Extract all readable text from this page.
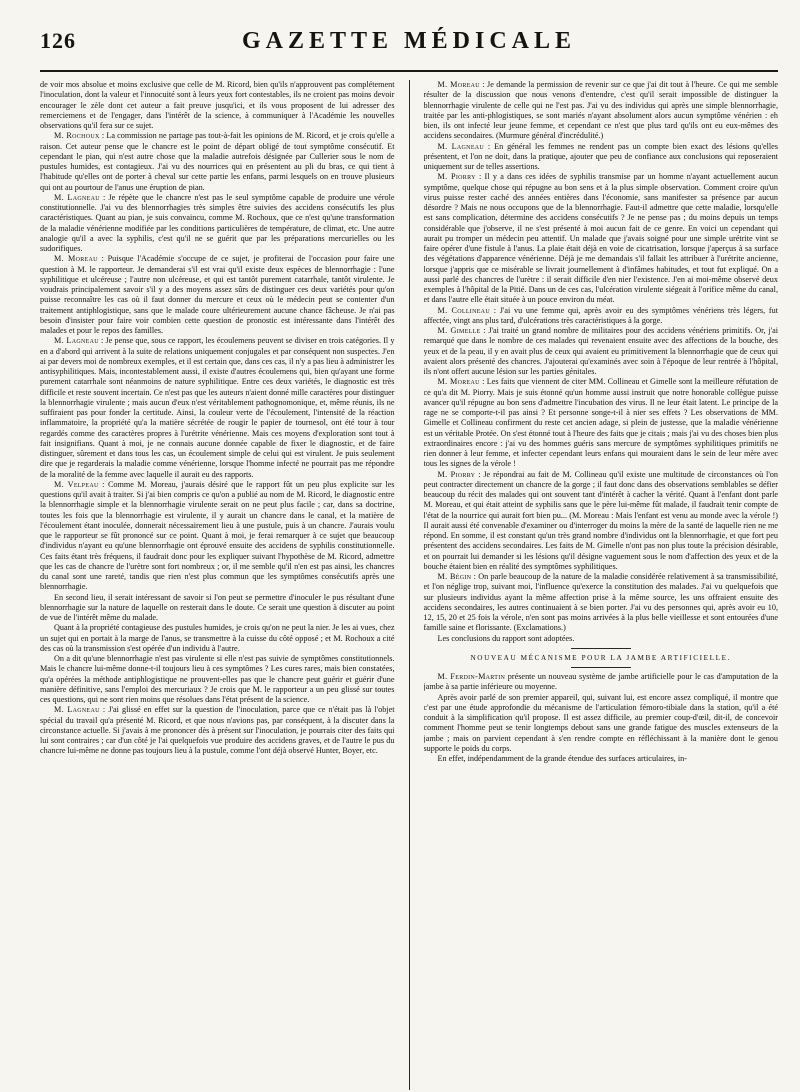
126	GAZETTE MÉDICALE

de voir mos absolue et moins exclusive que celle de M. Ricord, bien qu'ils n'approuvent pas complétement l'inoculation, dont la valeur et l'innocuité sont à leurs yeux fort contestables, ils ne croient pas moins devoir encourager le zèle dont cet auteur a fait preuve jusqu'ici, et ils vous proposent de lui adresser des remerciemens et de l'engager, dans l'intérêt de la science, à communiquer à l'Académie les nouvelles observations qu'il fera sur ce sujet.

M. Rochoux : La commission ne partage pas tout-à-fait les opinions de M. Ricord, et je crois qu'elle a raison. Cet auteur pense que le chancre est le point de départ obligé de tout symptôme consécutif. Et cependant le pian, qui n'est autre chose que la maladie autrefois désignée par Cullerier sous le nom de pustules humides, est contagieux. J'ai vu des nourrices qui en présentent au pli du bras, ce qui tient à l'habitude qu'elles ont de porter à cheval sur cette partie les enfans, parmi lesquels on en trouve plusieurs qui ont au pourtour de l'anus une éruption de pian.

M. Lagneau : Je répète que le chancre n'est pas le seul symptôme capable de produire une vérole constitutionnelle. J'ai vu des blennorrhagies très simples être suivies des accidens consécutifs les plus caractéristiques. Quant au pian, je suis convaincu, comme M. Rochoux, que ce n'est qu'une transformation de la maladie vénérienne modifiée par les conditions particulières de température, de climat, etc. Une autre analogie qu'il a avec la syphilis, c'est qu'il ne se guérit que par les préparations mercurielles ou les sudorifiques.

M. Moreau : Puisque l'Académie s'occupe de ce sujet, je profiterai de l'occasion pour faire une question à M. le rapporteur. Je demanderai s'il est vrai qu'il existe deux espèces de blennorrhagie : l'une syphilitique et ulcéreuse ; l'autre non ulcéreuse, et qui est tantôt purement catarrhale, tantôt virulente. Je voudrais principalement savoir s'il y a des moyens assez sûrs de distinguer ces deux variétés pour qu'on puisse reconnaître les cas où il faut donner du mercure et ceux où le médecin peut se contenter d'un traitement antiphlogistique, sans que le malade coure ultérieurement aucune chance fâcheuse. Je n'ai pas besoin d'insister pour faire voir combien cette question de pronostic est intéressante dans l'intérêt des malades et pour le repos des familles.

M. Lagneau : Je pense que, sous ce rapport, les écoulemens peuvent se diviser en trois catégories. Il y en a d'abord qui arrivent à la suite de relations uniquement conjugales et par conséquent non suspectes. J'en ai par devers moi de nombreux exemples, et il est certain que, dans ces cas, il n'y a pas lieu à administrer les antisyphilitiques. Mais, incontestablement aussi, il existe d'autres écoulemens qui, bien qu'ayant une forme purement catarrhale sont néanmoins de nature syphilitique. Entre ces deux variétés, le diagnostic est très difficile et reste souvent incertain. Ce n'est pas que les auteurs n'aient donné mille caractères pour distinguer la blennorrhagie virulente ; mais aucun d'eux n'est véritablement pathognomonique, et, même réunis, ils ne suffiraient pas pour fonder la certitude. Ainsi, la couleur verte de l'écoulement, l'intensité de la réaction inflammatoire, la propriété qu'a la matière sécrétée de rougir le papier de tournesol, ont été tour à tour regardés comme des caractères propres à l'urétrite vénérienne. Mais ces moyens d'exploration sont tout à fait insignifians. Quant à moi, je ne connais aucune donnée capable de fixer le diagnostic, et de faire distinguer, sûrement et dans tous les cas, un écoulement simple de celui qui est virulent. Je puis seulement dire que je regarderais la maladie comme vénérienne, lorsque l'homme infecté ne pourrait pas me répondre de la moralité de la femme avec laquelle il aurait eu des rapports.

M. Velpeau : Comme M. Moreau, j'aurais désiré que le rapport fût un peu plus explicite sur les questions qu'il avait à traiter. Si j'ai bien compris ce qu'on a publié au nom de M. Ricord, le diagnostic entre la blennorrhagie simple et la blennorrhagie virulente serait on ne peut plus facile ; car, dans sa doctrine, toutes les fois que la blennorrhagie est virulente, il y aurait un chancre dans le canal, et la matière de l'écoulement étant inoculée, donnerait nécessairement lieu à une pustule, puis à un chancre. J'aurais voulu que le rapporteur se fût prononcé sur ce point. Quant à moi, je ferai remarquer à ce sujet que beaucoup d'individus n'ayant eu qu'une blennorrhagie ont éprouvé ensuite des accidens de syphilis constitutionnelle. Ces faits étant très fréquens, il faudrait donc pour les expliquer suivant l'hypothèse de M. Ricord, admettre que les cas de chancre de l'urètre sont fort nombreux ; or, il me semble qu'il n'en est pas ainsi, les chancres du canal sont une rareté, tandis que rien n'est plus commun que les symptômes consécutifs après une blennorrhagie.

En second lieu, il serait intéressant de savoir si l'on peut se permettre d'inoculer le pus résultant d'une blennorrhagie sur la nature de laquelle on resterait dans le doute. Ce serait une question à discuter au point de vue de l'intérêt même du malade.

Quant à la propriété contagieuse des pustules humides, je crois qu'on ne peut la nier. Je les ai vues, chez un sujet qui en portait à la marge de l'anus, se transmettre à la cuisse du côté opposé ; et M. Rochoux a cité des cas où la transmission s'est opérée d'un individu à l'autre.

On a dit qu'une blennorrhagie n'est pas virulente si elle n'est pas suivie de symptômes constitutionnels. Mais le chancre lui-même donne-t-il toujours lieu à ces symptômes ? Les cures rares, mais bien constatées, qu'a opérées la méthode antiphlogistique ne prouvent-elles pas que le chancre peut guérir et guérir d'une manière définitive, sans l'emploi des mercuriaux ? Je crois que M. le rapporteur a un peu glissé sur toutes ces questions, qui ne sont rien moins que résolues dans l'état présent de la science.

M. Lagneau : J'ai glissé en effet sur la question de l'inoculation, parce que ce n'était pas là l'objet spécial du travail qu'a présenté M. Ricord, et que nous n'avions pas, par conséquent, à la discuter dans la circonstance actuelle. Si j'avais à me prononcer dès à présent sur l'inoculation, je pourrais citer des faits qui lui sont contraires ; car d'un côté je l'ai quelquefois vue produire des accidens graves, et de l'autre le pus du chancre lui-même ne donne pas toujours lieu à la pustule, comme l'ont déjà observé Hunter, Boyer, etc.

M. Moreau : Je demande la permission de revenir sur ce que j'ai dit tout à l'heure. Ce qui me semble résulter de la discussion que nous venons d'entendre, c'est qu'il serait impossible de distinguer la blennorrhagie virulente de celle qui ne l'est pas. J'ai vu des individus qui après une simple blennorrhagie, traitée par les anti-phlogistiques, se sont mariés n'ayant absolument alors aucun symptôme vénérien : eh bien, ils ont infecté leur jeune femme, et cependant ce n'est que plus tard qu'ils ont eu eux-mêmes des accidens secondaires. (Murmure général d'incrédulité.)

M. Lagneau : En général les femmes ne rendent pas un compte bien exact des lésions qu'elles présentent, et l'on ne doit, dans la pratique, ajouter que peu de confiance aux conclusions qui reposeraient uniquement sur de telles assertions.

M. Piorry : Il y a dans ces idées de syphilis transmise par un homme n'ayant actuellement aucun symptôme, quelque chose qui répugne au bon sens et à la plus simple observation. Comment croire qu'un virus puisse rester caché des années entières dans l'économie, sans manifester sa présence par aucun désordre ? Mais ne nous occupons que de la blennorrhagie. Faut-il admettre que cette maladie, lorsqu'elle est sans complication, détermine des accidens consécutifs ? Je ne pense pas ; du moins depuis un temps considérable que j'observe, il ne s'est présenté à moi aucun fait de ce genre. En voici un cependant qui aurait pu tromper un médecin peu attentif. Un malade que j'avais soigné pour une simple urétrite vint se faire opérer d'une fistule à l'anus. La plaie était déjà en voie de cicatrisation, lorsque j'aperçus à sa surface des végétations d'apparence vénérienne. Déjà je me demandais s'il fallait les attribuer à l'urétrite ancienne, lorsque j'appris que ce misérable se livrait journellement à d'infâmes habitudes, et tout fut expliqué. On a aussi parlé des chancres de l'urètre : il serait difficile d'en nier l'existence. J'en ai moi-même observé deux exemples à l'hôpital de la Pitié. Dans un de ces cas, l'ulcération virulente siégeait à l'orifice même du canal, et dans l'autre elle était située à un pouce environ du méat.

M. Collineau : J'ai vu une femme qui, après avoir eu des symptômes vénériens très légers, fut affectée, vingt ans plus tard, d'ulcérations très caractéristiques à la gorge.

M. Gimelle : J'ai traité un grand nombre de militaires pour des accidens vénériens primitifs. Or, j'ai remarqué que dans le nombre de ces malades qui revenaient ensuite avec des affections de la bouche, des yeux et de la peau, il y en avait plus de ceux qui avaient eu primitivement la blennorrhagie que de ceux qui avaient alors présenté des chancres. J'ajouterai qu'examinés avec soin à l'époque de leur rentrée à l'hôpital, ils n'ont offert aucune lésion sur les parties génitales.

M. Moreau : Les faits que viennent de citer MM. Collineau et Gimelle sont la meilleure réfutation de ce qu'a dit M. Piorry. Mais je suis étonné qu'un homme aussi instruit que notre honorable collègue puisse avancer qu'il répugne au bon sens d'admettre l'incubation des virus. Il ne leur était latent. Le principe de la rage ne se comporte-t-il pas ainsi ? Et personne songe-t-il à nier ses effets ? Les observations de MM. Gimelle et Collineau confirment du reste cet ancien adage, si plein de justesse, que la maladie vénérienne est un véritable Protée. On s'est étonné tout à l'heure des faits que je citais ; mais j'ai vu des choses bien plus extraordinaires encore : j'ai vu des hommes guéris sans mercure de symptômes syphilitiques primitifs ne rien donner à leur femme, et infecter cependant leurs enfans qui mouraient dans le sein de leur mère avec tous les signes de la vérole !

M. Piorry : Je répondrai au fait de M. Collineau qu'il existe une multitude de circonstances où l'on peut contracter directement un chancre de la gorge ; il faut donc dans des observations semblables se défier beaucoup du récit des malades qui ont souvent tant d'intérêt à cacher la vérité. Quant à l'enfant dont parle M. Moreau, et qui était atteint de syphilis sans que le père lui-même fût malade, il faudrait tenir compte de l'état de la nourrice qui aurait fort bien pu... (M. Moreau : Mais l'enfant est venu au monde avec la vérole !) Il aurait aussi été convenable d'examiner ou d'interroger du moins la mère de la santé de laquelle rien ne me répond. En somme, il est constant qu'un très grand nombre d'individus ont la blennorrhagie, et que fort peu présentent des accidens secondaires. Les faits de M. Gimelle n'ont pas non plus toute la précision désirable, et on pourrait lui demander si les lésions qu'il désigne vaguement sous le nom d'affection des yeux et de la bouche étaient bien en réalité des symptômes syphilitiques.

M. Bégin : On parle beaucoup de la nature de la maladie considérée relativement à sa transmissibilité, et l'on néglige trop, suivant moi, l'influence qu'exerce la constitution des malades. J'ai vu quelquefois que sur plusieurs individus ayant la même affection prise à la même source, les uns offraient ensuite des accidens secondaires, les autres continuaient à se bien porter. J'ai vu des personnes qui, après avoir eu 10, 12, 15, 20 et 25 fois la vérole, n'en sont pas moins arrivées à la plus belle vieillesse et sont entourées d'une famille saine et florissante. (Exclamations.)

Les conclusions du rapport sont adoptées.

NOUVEAU MÉCANISME POUR LA JAMBE ARTIFICIELLE.

M. Ferdin-Martin présente un nouveau système de jambe artificielle pour le cas d'amputation de la jambe à sa partie inférieure ou moyenne.

Après avoir parlé de son premier appareil, qui, suivant lui, est encore assez compliqué, il montre que c'est par une étude approfondie du mécanisme de l'articulation fémoro-tibiale dans la station, qu'il a été conduit à la simplification qu'il propose. Il est assez difficile, au premier coup-d'œil, dit-il, de concevoir comment l'homme peut se tenir longtemps debout sans une grande fatigue des muscles extenseurs de la jambe ; mais on parvient cependant à s'en rendre compte en réfléchissant à la manière dont le genou supporte le poids du corps.

En effet, indépendamment de la grande étendue des surfaces articulaires, in-
